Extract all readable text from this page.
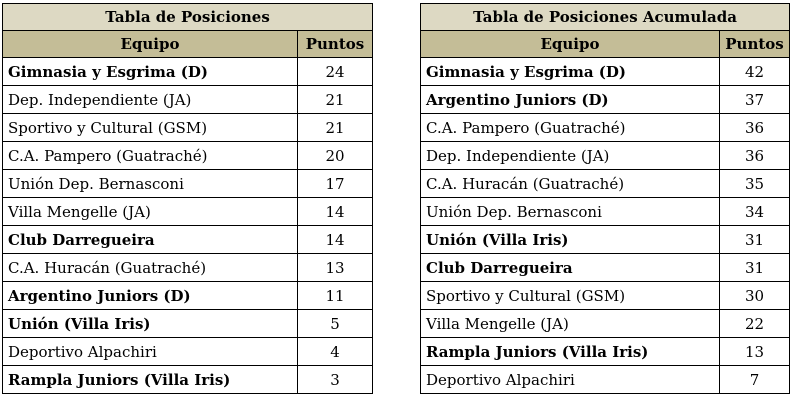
Tabla de Posiciones	
Equipo	Puntos
Gimnasia y Esgrima (D)	24
Dep. Independiente (JA)	21
Sportivo y Cultural (GSM)	21
C.A. Pampero (Guatraché)	20
Unión Dep. Bernasconi	17
Villa Mengelle (JA)	14
Club Darregueira	14
C.A. Huracán (Guatraché)	13
Argentino Juniors (D)	11
Unión (Villa Iris)	5
Deportivo Alpachiri	4
Rampla Juniors (Villa Iris)	3
Tabla de Posiciones Acumulada	
Equipo	Puntos
Gimnasia y Esgrima (D)	42
Argentino Juniors (D)	37
C.A. Pampero (Guatraché)	36
Dep. Independiente (JA)	36
C.A. Huracán (Guatraché)	35
Unión Dep. Bernasconi	34
Unión (Villa Iris)	31
Club Darregueira	31
Sportivo y Cultural (GSM)	30
Villa Mengelle (JA)	22
Rampla Juniors (Villa Iris)	13
Deportivo Alpachiri	7
